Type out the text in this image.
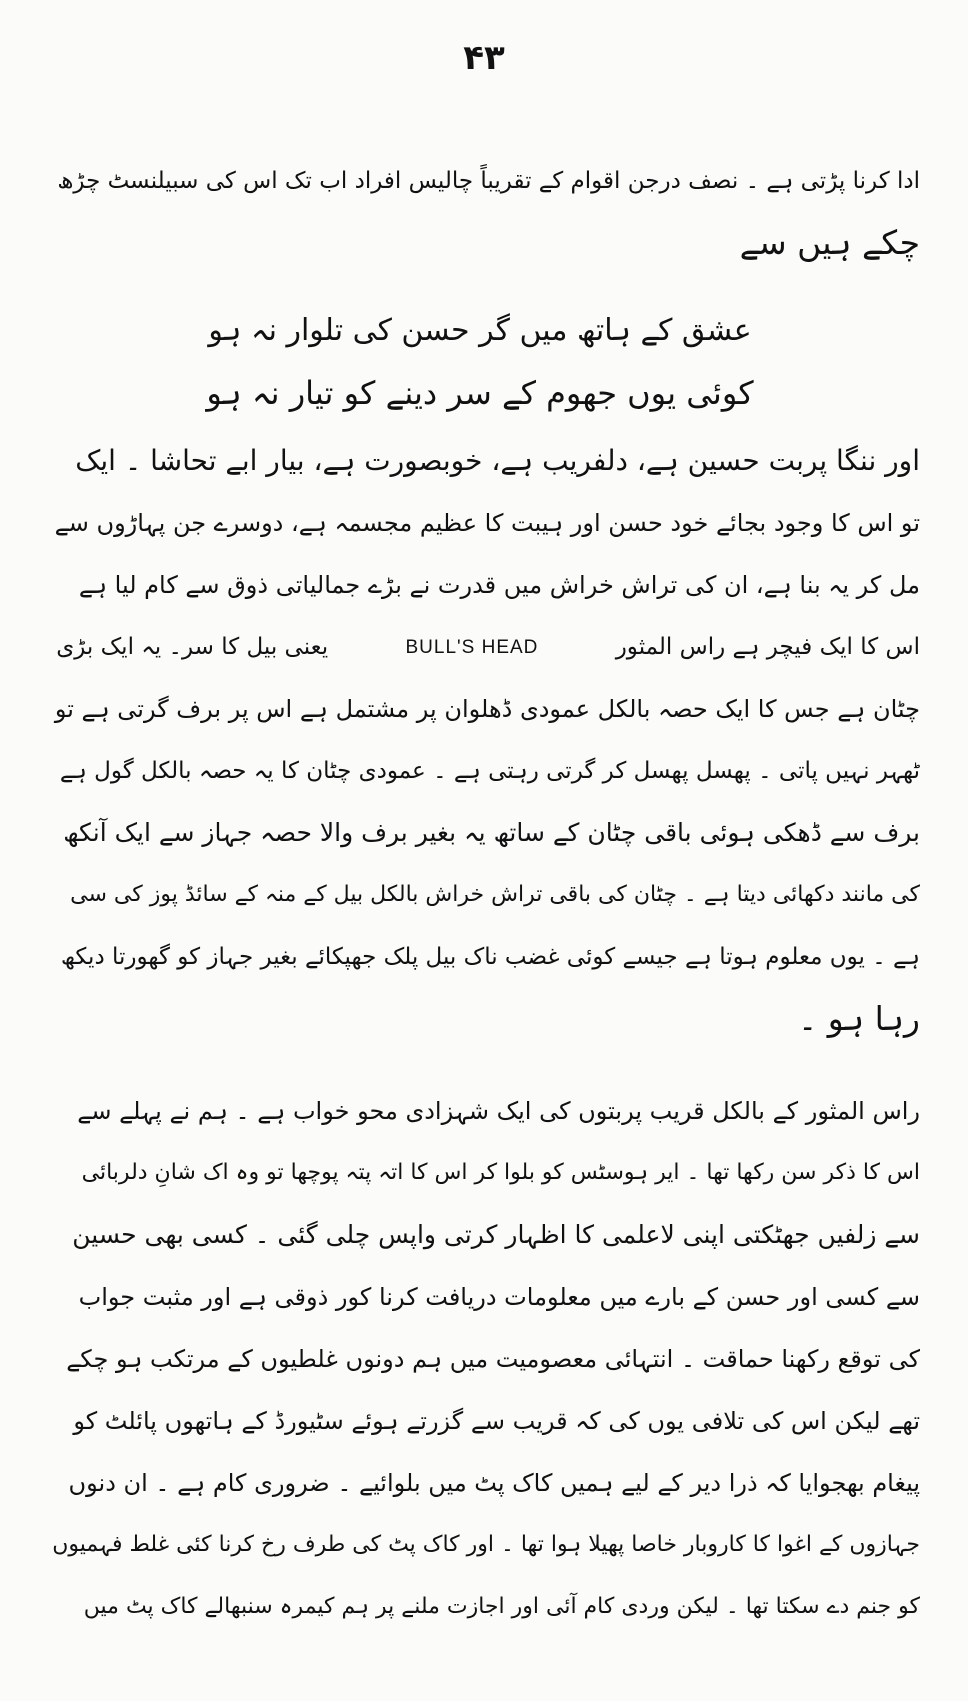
۴۳
ادا کرنا پڑتی ہے ۔ نصف درجن اقوام کے تقریباً چالیس افراد اب تک اس کی سبیلنسٹ چڑھ
چکے ہیں سے
عشق کے ہاتھ میں گر حسن کی تلوار نہ ہو
کوئی یوں جھوم کے سر دینے کو تیار نہ ہو
اور ننگا پربت حسین ہے، دلفریب ہے، خوبصورت ہے، بیار ابے تحاشا ۔ ایک
تو اس کا وجود بجائے خود حسن اور ہیبت کا عظیم مجسمہ ہے، دوسرے جن پہاڑوں سے
مل کر یہ بنا ہے، ان کی تراش خراش میں قدرت نے بڑے جمالیاتی ذوق سے کام لیا ہے
اس کا ایک فیچر ہے راس المثور BULL'S HEAD یعنی بیل کا سر۔ یہ ایک بڑی
چٹان ہے جس کا ایک حصہ بالکل عمودی ڈھلوان پر مشتمل ہے اس پر برف گرتی ہے تو
ٹھہر نہیں پاتی ۔ پھسل پھسل کر گرتی رہتی ہے ۔ عمودی چٹان کا یہ حصہ بالکل گول ہے
برف سے ڈھکی ہوئی باقی چٹان کے ساتھ یہ بغیر برف والا حصہ جہاز سے ایک آنکھ
کی مانند دکھائی دیتا ہے ۔ چٹان کی باقی تراش خراش بالکل بیل کے منہ کے سائڈ پوز کی سی
ہے ۔ یوں معلوم ہوتا ہے جیسے کوئی غضب ناک بیل پلک جھپکائے بغیر جہاز کو گھورتا دیکھ
رہا ہو ۔
راس المثور کے بالکل قریب پربتوں کی ایک شہزادی محو خواب ہے ۔ ہم نے پہلے سے
اس کا ذکر سن رکھا تھا ۔ ایر ہوسٹس کو بلوا کر اس کا اتہ پتہ پوچھا تو وہ اک شانِ دلربائی
سے زلفیں جھٹکتی اپنی لاعلمی کا اظہار کرتی واپس چلی گئی ۔ کسی بھی حسین
سے کسی اور حسن کے بارے میں معلومات دریافت کرنا کور ذوقی ہے اور مثبت جواب
کی توقع رکھنا حماقت ۔ انتہائی معصومیت میں ہم دونوں غلطیوں کے مرتکب ہو چکے
تھے لیکن اس کی تلافی یوں کی کہ قریب سے گزرتے ہوئے سٹیورڈ کے ہاتھوں پائلٹ کو
پیغام بھجوایا کہ ذرا دیر کے لیے ہمیں کاک پٹ میں بلوائیے ۔ ضروری کام ہے ۔ ان دنوں
جہازوں کے اغوا کا کاروبار خاصا پھیلا ہوا تھا ۔ اور کاک پٹ کی طرف رخ کرنا کئی غلط فہمیوں
کو جنم دے سکتا تھا ۔ لیکن وردی کام آئی اور اجازت ملنے پر ہم کیمرہ سنبھالے کاک پٹ میں
